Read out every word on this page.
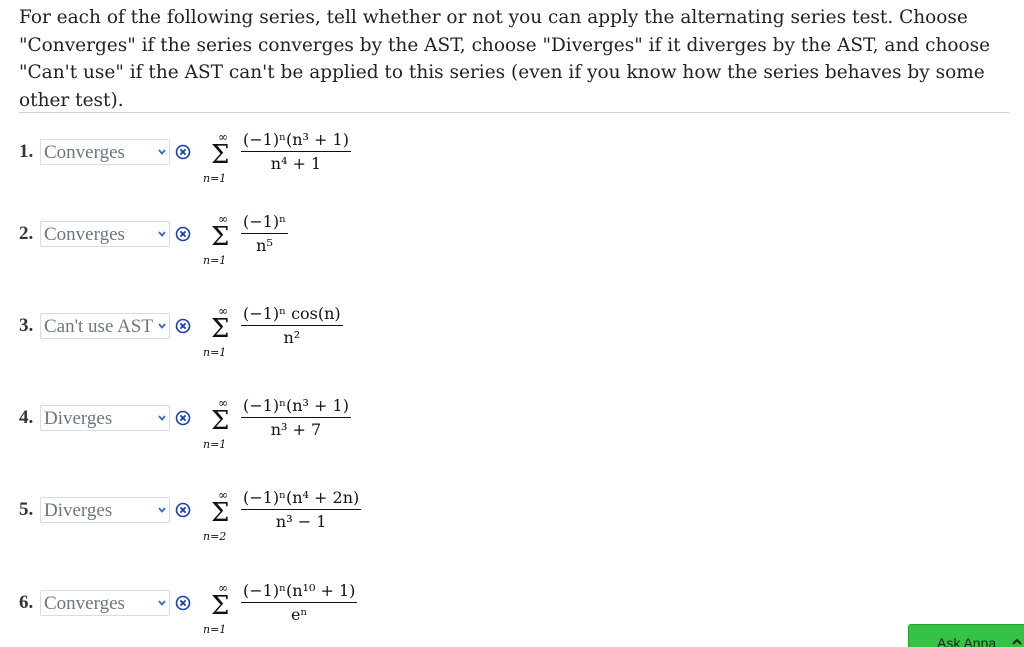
For each of the following series, tell whether or not you can apply the alternating series test. Choose "Converges" if the series converges by the AST, choose "Diverges" if it diverges by the AST, and choose "Can't use" if the AST can't be applied to this series (even if you know how the series behaves by some other test).
1. Converges
∞
Σ
n=1
$\frac{\text{(−1)ⁿ(n³ + 1)}}{\text{n⁴ + 1}}$
2. Converges
∞
Σ
n=1
$\frac{\text{(−1)ⁿ}}{\text{n⁵}}$
3. Can't use AST
∞
Σ
n=1
$\frac{\text{(−1)ⁿ cos(n)}}{\text{n²}}$
4. Diverges
∞
Σ
n=1
$\frac{\text{(−1)ⁿ(n³ + 1)}}{\text{n³ + 7}}$
5. Diverges
∞
Σ
n=2
$\frac{\text{(−1)ⁿ(n⁴ + 2n)}}{\text{n³ − 1}}$
6. Converges
∞
Σ
n=1
$\frac{\text{(−1)ⁿ(n¹⁰ + 1)}}{\text{eⁿ}}$
Ask Anna
